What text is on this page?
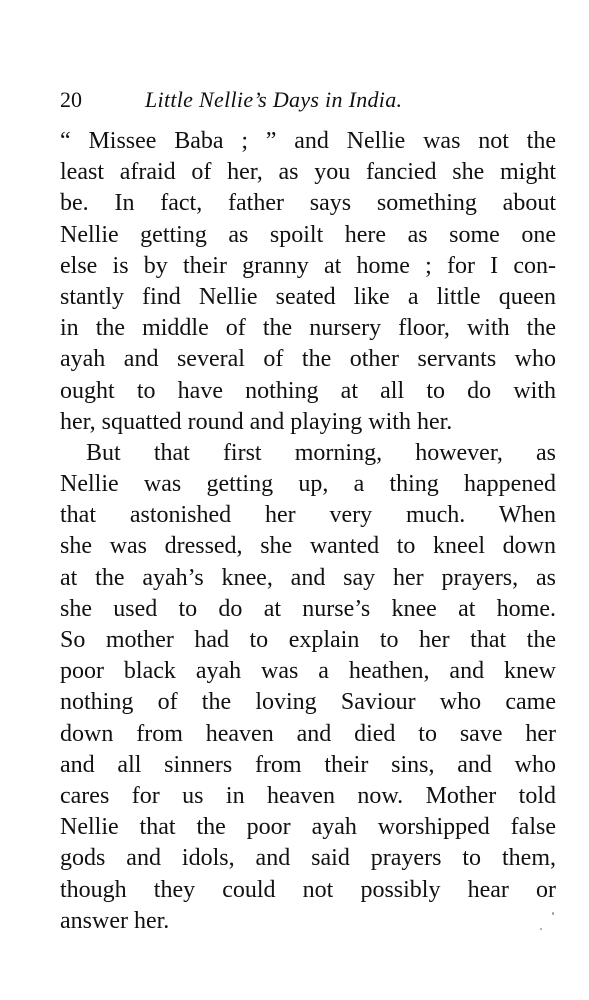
20	Little Nellie’s Days in India.
“ Missee Baba ; ” and Nellie was not the
least afraid of her, as you fancied she might
be. In fact, father says something about
Nellie getting as spoilt here as some one
else is by their granny at home ; for I con-
stantly find Nellie seated like a little queen
in the middle of the nursery floor, with the
ayah and several of the other servants who
ought to have nothing at all to do with
her, squatted round and playing with her.
But that first morning, however, as
Nellie was getting up, a thing happened
that astonished her very much. When
she was dressed, she wanted to kneel down
at the ayah’s knee, and say her prayers, as
she used to do at nurse’s knee at home.
So mother had to explain to her that the
poor black ayah was a heathen, and knew
nothing of the loving Saviour who came
down from heaven and died to save her
and all sinners from their sins, and who
cares for us in heaven now. Mother told
Nellie that the poor ayah worshipped false
gods and idols, and said prayers to them,
though they could not possibly hear or
answer her.
